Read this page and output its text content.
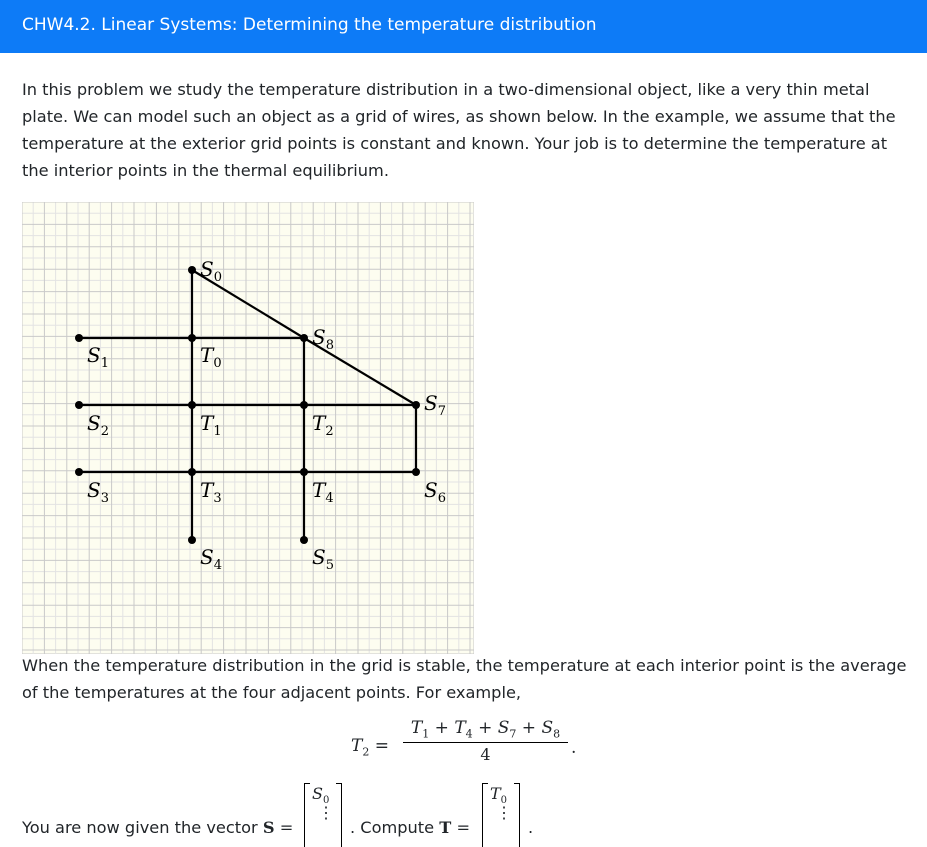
CHW4.2. Linear Systems: Determining the temperature distribution
In this problem we study the temperature distribution in a two-dimensional object, like a very thin metal plate. We can model such an object as a grid of wires, as shown below. In the example, we assume that the temperature at the exterior grid points is constant and known. Your job is to determine the temperature at the interior points in the thermal equilibrium.
$S_0$
$S_1$
$S_2$
$S_3$
$S_4$	$S_5$
$S_6$
$S_7$
$S_8$
$T_0$
$T_1$	$T_2$
$T_3$	$T_4$
When the temperature distribution in the grid is stable, the temperature at each interior point is the average of the temperatures at the four adjacent points. For example,
$T_2$ =
$T_1 + T_4 + S_7 + S_8$
4	.
You are now given the vector S =
$S_0$
⋮
. Compute T =
$T_0$
⋮
.
